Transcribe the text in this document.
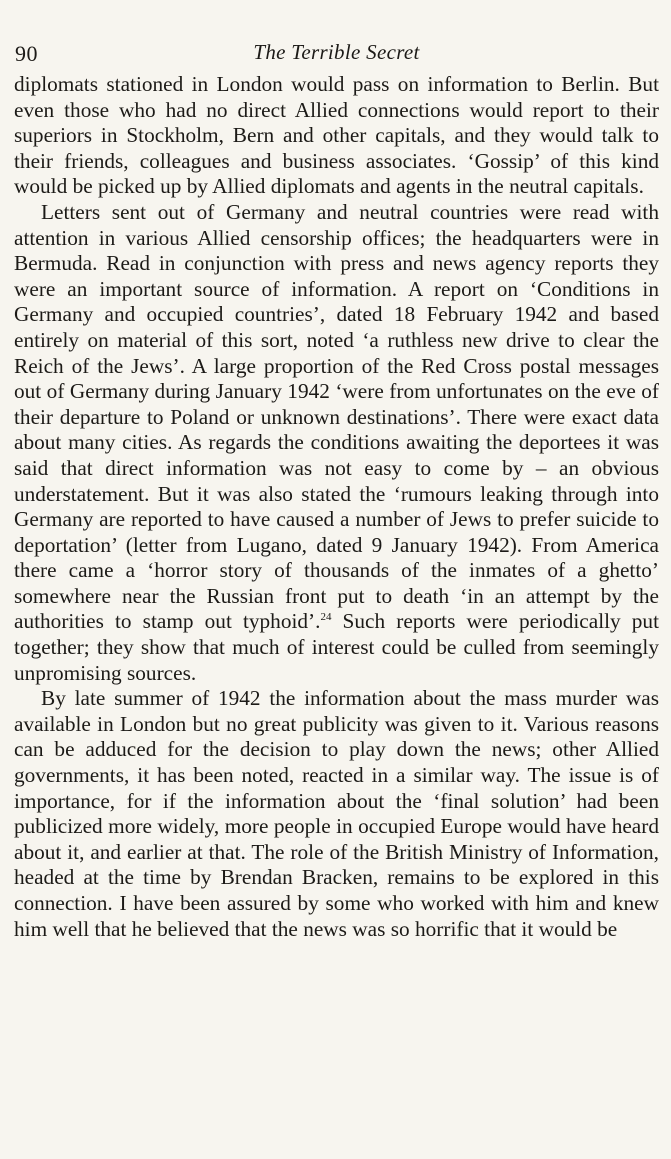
90	The Terrible Secret

diplomats stationed in London would pass on information to Berlin. But even those who had no direct Allied connections would report to their superiors in Stockholm, Bern and other capitals, and they would talk to their friends, colleagues and business associates. ‘Gossip’ of this kind would be picked up by Allied diplomats and agents in the neutral capitals.

Letters sent out of Germany and neutral countries were read with attention in various Allied censorship offices; the headquarters were in Bermuda. Read in conjunction with press and news agency reports they were an important source of information. A report on ‘Conditions in Germany and occupied countries’, dated 18 February 1942 and based entirely on material of this sort, noted ‘a ruthless new drive to clear the Reich of the Jews’. A large proportion of the Red Cross postal messages out of Germany during January 1942 ‘were from unfortunates on the eve of their departure to Poland or unknown destinations’. There were exact data about many cities. As regards the conditions awaiting the deportees it was said that direct information was not easy to come by – an obvious understatement. But it was also stated the ‘rumours leaking through into Germany are reported to have caused a number of Jews to prefer suicide to deportation’ (letter from Lugano, dated 9 January 1942). From America there came a ‘horror story of thousands of the inmates of a ghetto’ somewhere near the Russian front put to death ‘in an attempt by the authorities to stamp out typhoid’.$^{24}$ Such reports were periodically put together; they show that much of interest could be culled from seemingly unpromising sources.

By late summer of 1942 the information about the mass murder was available in London but no great publicity was given to it. Various reasons can be adduced for the decision to play down the news; other Allied governments, it has been noted, reacted in a similar way. The issue is of importance, for if the information about the ‘final solution’ had been publicized more widely, more people in occupied Europe would have heard about it, and earlier at that. The role of the British Ministry of Information, headed at the time by Brendan Bracken, remains to be explored in this connection. I have been assured by some who worked with him and knew him well that he believed that the news was so horrific that it would be
